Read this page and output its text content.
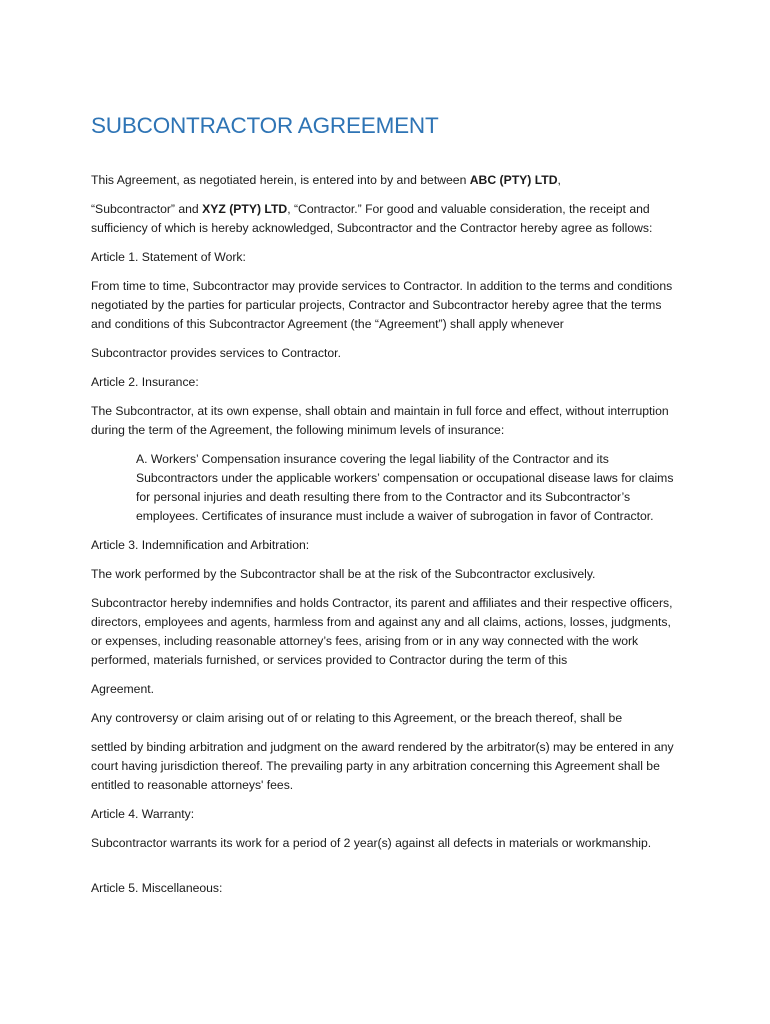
SUBCONTRACTOR AGREEMENT

This Agreement, as negotiated herein, is entered into by and between ABC (PTY) LTD,

“Subcontractor” and XYZ (PTY) LTD, “Contractor.” For good and valuable consideration, the receipt and sufficiency of which is hereby acknowledged, Subcontractor and the Contractor hereby agree as follows:

Article 1. Statement of Work:

From time to time, Subcontractor may provide services to Contractor. In addition to the terms and conditions negotiated by the parties for particular projects, Contractor and Subcontractor hereby agree that the terms and conditions of this Subcontractor Agreement (the “Agreement”) shall apply whenever

Subcontractor provides services to Contractor.

Article 2. Insurance:

The Subcontractor, at its own expense, shall obtain and maintain in full force and effect, without interruption during the term of the Agreement, the following minimum levels of insurance:

A. Workers’ Compensation insurance covering the legal liability of the Contractor and its Subcontractors under the applicable workers’ compensation or occupational disease laws for claims for personal injuries and death resulting there from to the Contractor and its Subcontractor’s employees. Certificates of insurance must include a waiver of subrogation in favor of Contractor.

Article 3. Indemnification and Arbitration:

The work performed by the Subcontractor shall be at the risk of the Subcontractor exclusively.

Subcontractor hereby indemnifies and holds Contractor, its parent and affiliates and their respective officers, directors, employees and agents, harmless from and against any and all claims, actions, losses, judgments, or expenses, including reasonable attorney’s fees, arising from or in any way connected with the work performed, materials furnished, or services provided to Contractor during the term of this

Agreement.

Any controversy or claim arising out of or relating to this Agreement, or the breach thereof, shall be

settled by binding arbitration and judgment on the award rendered by the arbitrator(s) may be entered in any court having jurisdiction thereof. The prevailing party in any arbitration concerning this Agreement shall be entitled to reasonable attorneys' fees.

Article 4. Warranty:

Subcontractor warrants its work for a period of 2 year(s) against all defects in materials or workmanship.

Article 5. Miscellaneous:
